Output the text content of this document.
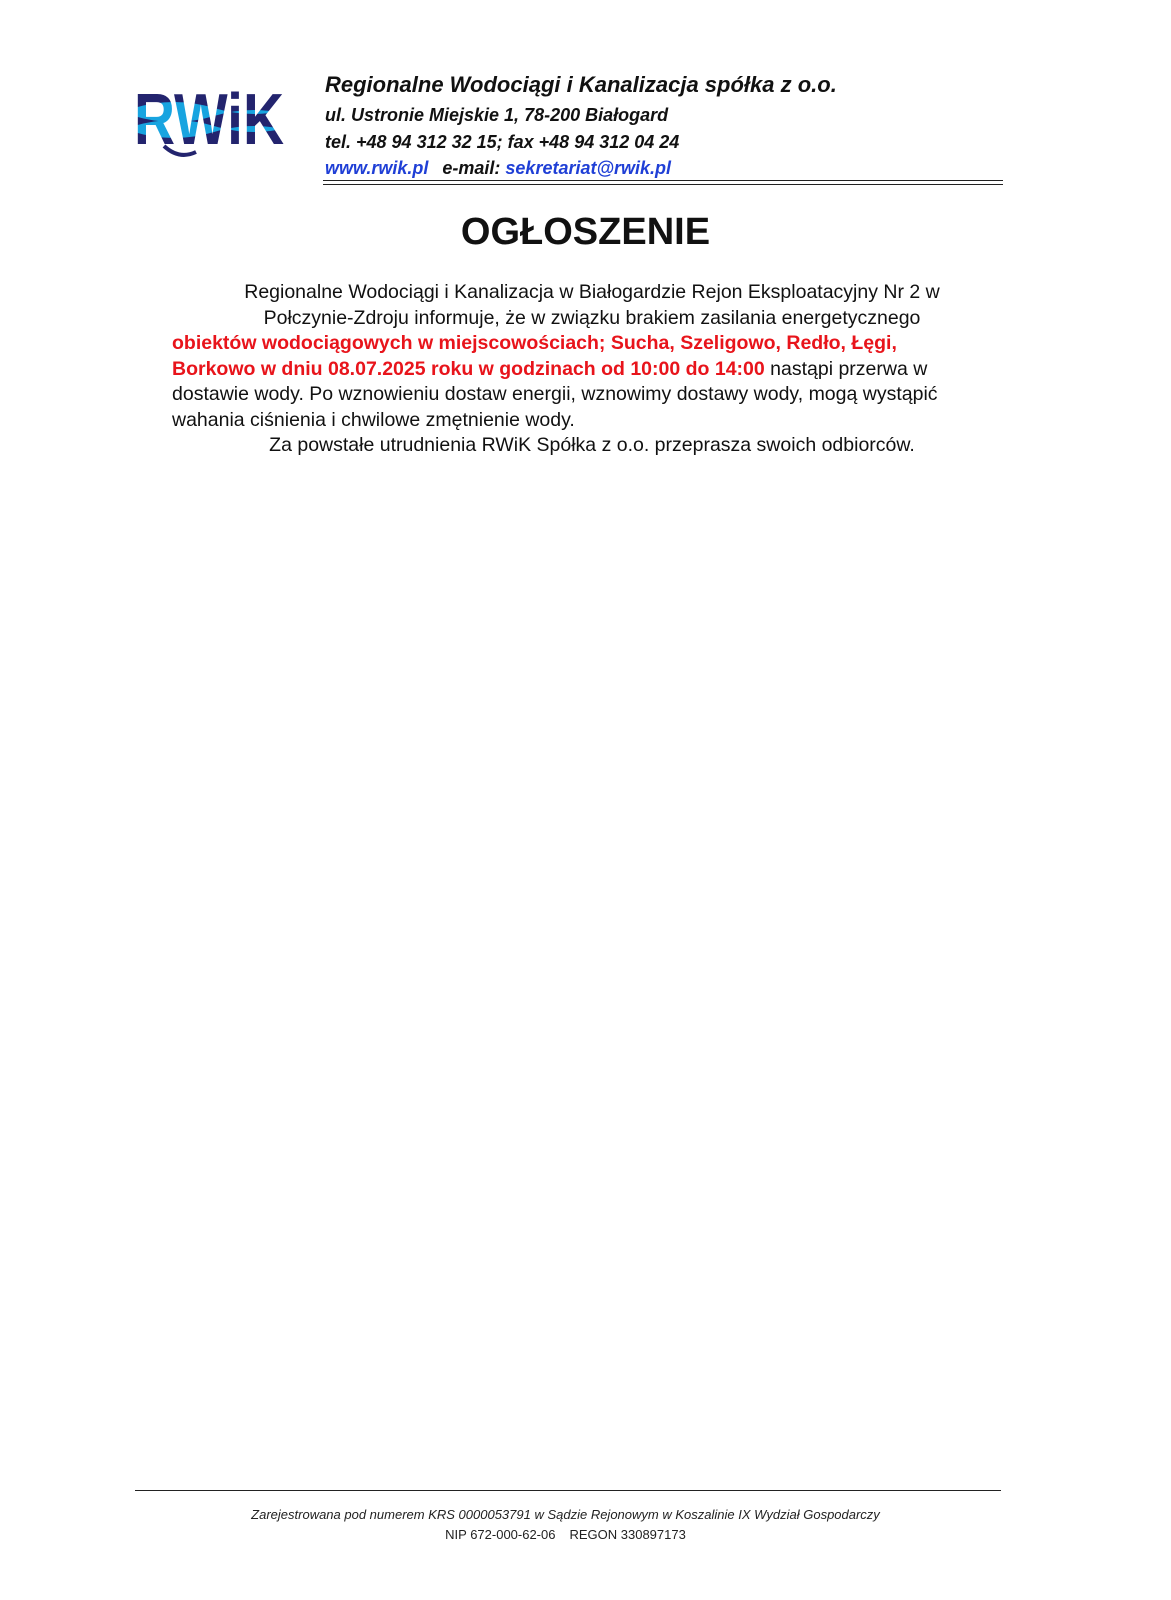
Regionalne Wodociągi i Kanalizacja spółka z o.o.
ul. Ustronie Miejskie 1, 78-200 Białogard
tel. +48 94 312 32 15; fax +48 94 312 04 24
www.rwik.pl e-mail: sekretariat@rwik.pl
OGŁOSZENIE
Regionalne Wodociągi i Kanalizacja w Białogardzie Rejon Eksploatacyjny Nr 2 w
Połczynie-Zdroju informuje, że w związku brakiem zasilania energetycznego
obiektów wodociągowych w miejscowościach; Sucha, Szeligowo, Redło, Łęgi,
Borkowo w dniu 08.07.2025 roku w godzinach od 10:00 do 14:00 nastąpi przerwa w
dostawie wody. Po wznowieniu dostaw energii, wznowimy dostawy wody, mogą wystąpić
wahania ciśnienia i chwilowe zmętnienie wody.
Za powstałe utrudnienia RWiK Spółka z o.o. przeprasza swoich odbiorców.
Zarejestrowana pod numerem KRS 0000053791 w Sądzie Rejonowym w Koszalinie IX Wydział Gospodarczy
NIP 672-000-62-06 REGON 330897173
